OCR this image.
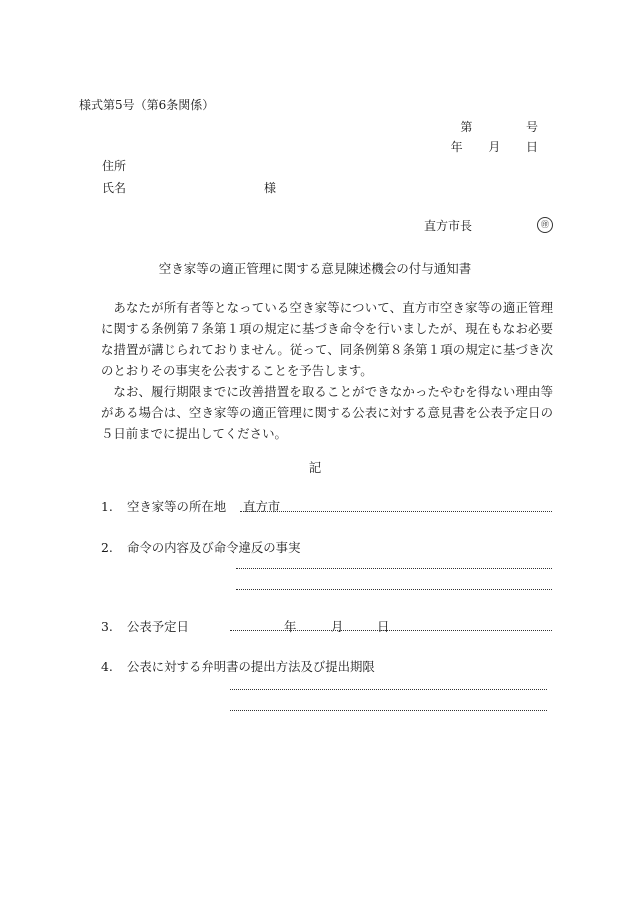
様式第5号（第6条関係）
第	号
年 月 日
住所
氏名	様
直方市長	㊞
空き家等の適正管理に関する意見陳述機会の付与通知書

あなたが所有者等となっている空き家等について、直方市空き家等の適正管理に関する条例第７条第１項の規定に基づき命令を行いましたが、現在もなお必要な措置が講じられておりません。従って、同条例第８条第１項の規定に基づき次のとおりその事実を公表することを予告します。

なお、履行期限までに改善措置を取ることができなかったやむを得ない理由等がある場合は、空き家等の適正管理に関する公表に対する意見書を公表予定日の５日前までに提出してください。

記
1. 空き家等の所在地 直方市
2. 命令の内容及び命令違反の事実
3. 公表予定日	年	月	日
4. 公表に対する弁明書の提出方法及び提出期限
